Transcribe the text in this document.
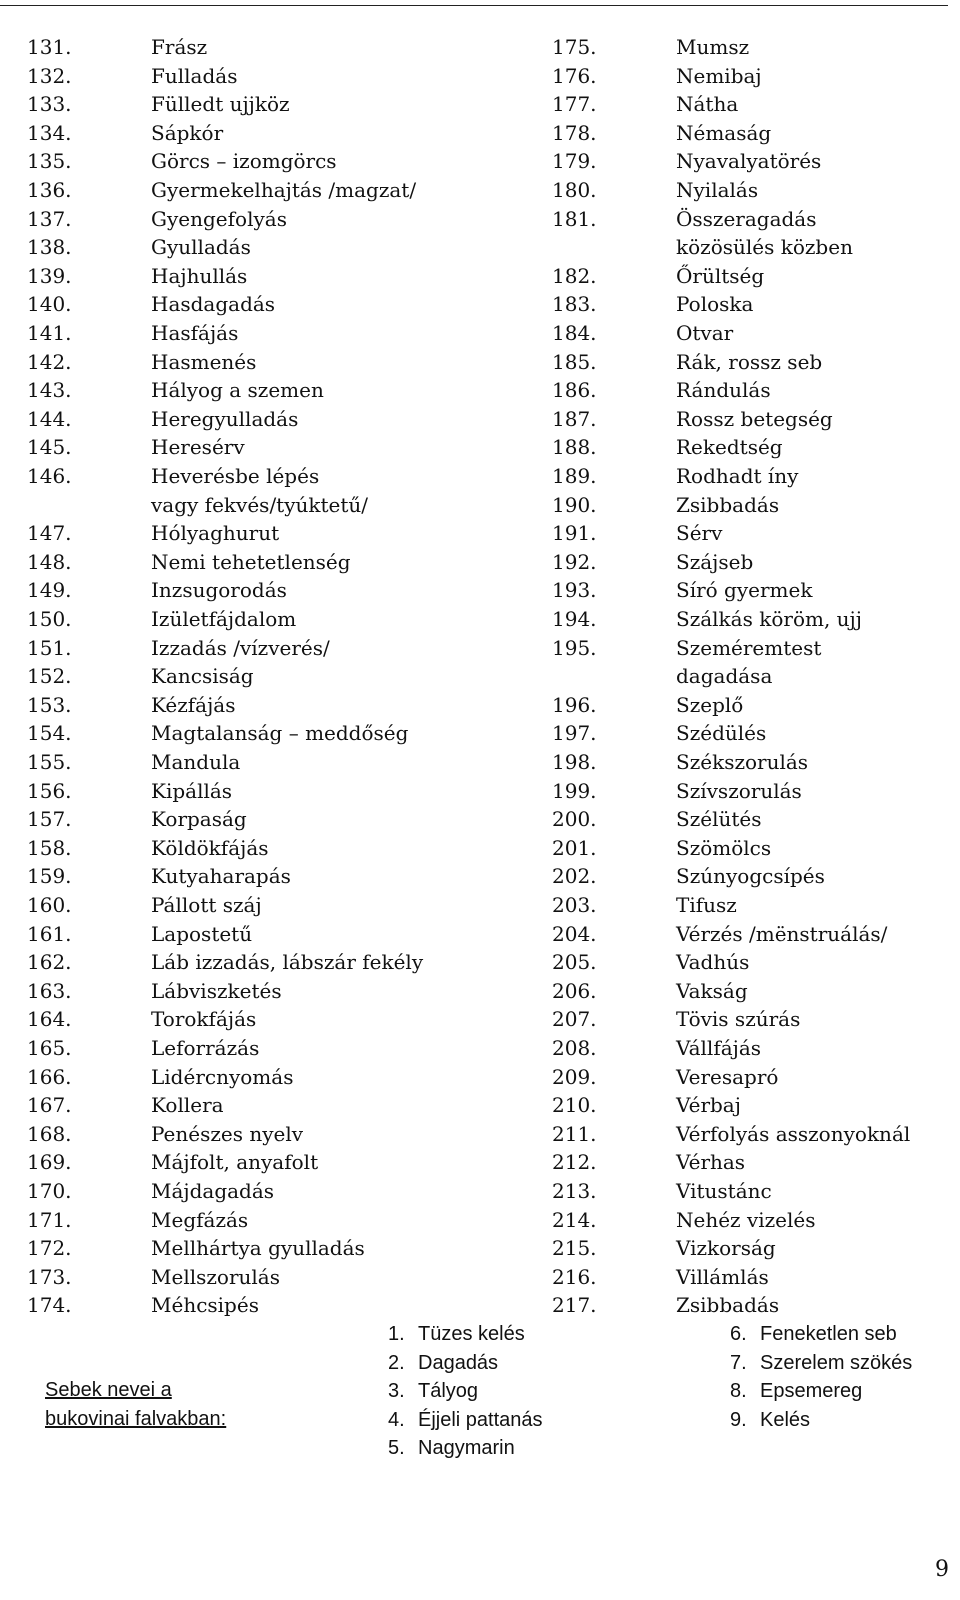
131.	Frász
132.	Fulladás
133.	Fülledt ujjköz
134.	Sápkór
135.	Görcs – izomgörcs
136.	Gyermekelhajtás /magzat/
137.	Gyengefolyás
138.	Gyulladás
139.	Hajhullás
140.	Hasdagadás
141.	Hasfájás
142.	Hasmenés
143.	Hályog a szemen
144.	Heregyulladás
145.	Heresérv
146.	Heverésbe lépés
vagy fekvés/tyúktetű/
147.	Hólyaghurut
148.	Nemi tehetetlenség
149.	Inzsugorodás
150.	Izületfájdalom
151.	Izzadás /vízverés/
152.	Kancsiság
153.	Kézfájás
154.	Magtalanság – meddőség
155.	Mandula
156.	Kipállás
157.	Korpaság
158.	Köldökfájás
159.	Kutyaharapás
160.	Pállott száj
161.	Lapostetű
162.	Láb izzadás, lábszár fekély
163.	Lábviszketés
164.	Torokfájás
165.	Leforrázás
166.	Lidércnyomás
167.	Kollera
168.	Penészes nyelv
169.	Májfolt, anyafolt
170.	Májdagadás
171.	Megfázás
172.	Mellhártya gyulladás
173.	Mellszorulás
174.	Méhcsipés
175.	Mumsz
176.	Nemibaj
177.	Nátha
178.	Némaság
179.	Nyavalyatörés
180.	Nyilalás
181.	Összeragadás
közösülés közben
182.	Őrültség
183.	Poloska
184.	Otvar
185.	Rák, rossz seb
186.	Rándulás
187.	Rossz betegség
188.	Rekedtség
189.	Rodhadt íny
190.	Zsibbadás
191.	Sérv
192.	Szájseb
193.	Síró gyermek
194.	Szálkás köröm, ujj
195.	Szeméremtest
dagadása
196.	Szeplő
197.	Szédülés
198.	Székszorulás
199.	Szívszorulás
200.	Szélütés
201.	Szömölcs
202.	Szúnyogcsípés
203.	Tifusz
204.	Vérzés /mënstruálás/
205.	Vadhús
206.	Vakság
207.	Tövis szúrás
208.	Vállfájás
209.	Veresapró
210.	Vérbaj
211.	Vérfolyás asszonyoknál
212.	Vérhas
213.	Vitustánc
214.	Nehéz vizelés
215.	Vizkorság
216.	Villámlás
217.	Zsibbadás
Sebek nevei a
bukovinai falvakban:
1. Tüzes kelés
2. Dagadás
3. Tályog
4. Éjjeli pattanás
5. Nagymarin
6. Feneketlen seb
7. Szerelem szökés
8. Epsemereg
9. Kelés
9
